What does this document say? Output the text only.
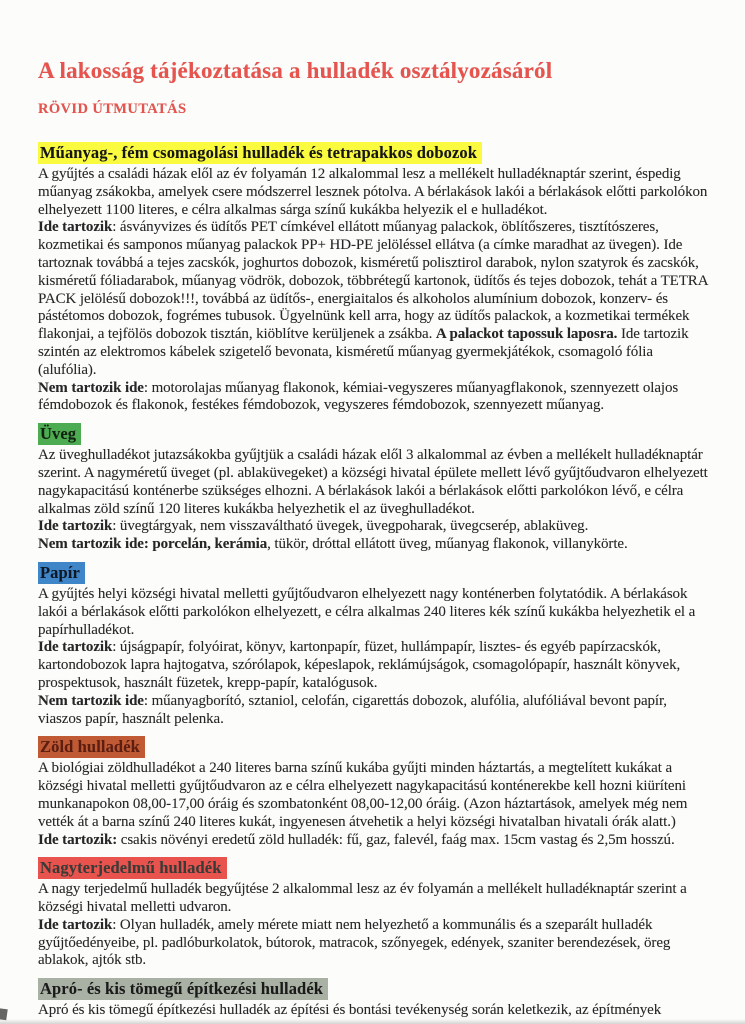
A lakosság tájékoztatása a hulladék osztályozásáról
RÖVID ÚTMUTATÁS
Műanyag-, fém csomagolási hulladék és tetrapakkos dobozok

A gyűjtés a családi házak elől az év folyamán 12 alkalommal lesz a mellékelt hulladéknaptár szerint, éspedig műanyag zsákokba, amelyek csere módszerrel lesznek pótolva. A bérlakások lakói a bérlakások előtti parkolókon elhelyezett 1100 literes, e célra alkalmas sárga színű kukákba helyezik el e hulladékot.

Ide tartozik: ásványvizes és üdítős PET címkével ellátott műanyag palackok, öblítőszeres, tisztítószeres, kozmetikai és samponos műanyag palackok PP+ HD-PE jelöléssel ellátva (a címke maradhat az üvegen). Ide tartoznak továbbá a tejes zacskók, joghurtos dobozok, kisméretű polisztirol darabok, nylon szatyrok és zacskók, kisméretű fóliadarabok, műanyag vödrök, dobozok, többrétegű kartonok, üdítős és tejes dobozok, tehát a TETRA PACK jelölésű dobozok!!!, továbbá az üdítős-, energiaitalos és alkoholos alumínium dobozok, konzerv- és pástétomos dobozok, fogrémes tubusok. Ügyelnünk kell arra, hogy az üdítős palackok, a kozmetikai termékek flakonjai, a tejfölös dobozok tisztán, kiöblítve kerüljenek a zsákba. A palackot tapossuk laposra. Ide tartozik szintén az elektromos kábelek szigetelő bevonata, kisméretű műanyag gyermekjátékok, csomagoló fólia (alufólia).

Nem tartozik ide: motorolajas műanyag flakonok, kémiai-vegyszeres műanyagflakonok, szennyezett olajos fémdobozok és flakonok, festékes fémdobozok, vegyszeres fémdobozok, szennyezett műanyag.

Üveg

Az üveghulladékot jutazsákokba gyűjtjük a családi házak elől 3 alkalommal az évben a mellékelt hulladéknaptár szerint. A nagyméretű üveget (pl. ablaküvegeket) a községi hivatal épülete mellett lévő gyűjtőudvaron elhelyezett nagykapacitású konténerbe szükséges elhozni. A bérlakások lakói a bérlakások előtti parkolókon lévő, e célra alkalmas zöld színű 120 literes kukákba helyezhetik el az üveghulladékot.

Ide tartozik: üvegtárgyak, nem visszaváltható üvegek, üvegpoharak, üvegcserép, ablaküveg.

Nem tartozik ide: porcelán, kerámia, tükör, dróttal ellátott üveg, műanyag flakonok, villanykörte.

Papír

A gyűjtés helyi községi hivatal melletti gyűjtőudvaron elhelyezett nagy konténerben folytatódik. A bérlakások lakói a bérlakások előtti parkolókon elhelyezett, e célra alkalmas 240 literes kék színű kukákba helyezhetik el a papírhulladékot.

Ide tartozik: újságpapír, folyóirat, könyv, kartonpapír, füzet, hullámpapír, lisztes- és egyéb papírzacskók, kartondobozok lapra hajtogatva, szórólapok, képeslapok, reklámújságok, csomagolópapír, használt könyvek, prospektusok, használt füzetek, krepp-papír, katalógusok.

Nem tartozik ide: műanyagborító, sztaniol, celofán, cigarettás dobozok, alufólia, alufóliával bevont papír, viaszos papír, használt pelenka.

Zöld hulladék

A biológiai zöldhulladékot a 240 literes barna színű kukába gyűjti minden háztartás, a megtelített kukákat a községi hivatal melletti gyűjtőudvaron az e célra elhelyezett nagykapacitású konténerekbe kell hozni kiüríteni munkanapokon 08,00-17,00 óráig és szombatonként 08,00-12,00 óráig. (Azon háztartások, amelyek még nem vették át a barna színű 240 literes kukát, ingyenesen átvehetik a helyi községi hivatalban hivatali órák alatt.)

Ide tartozik: csakis növényi eredetű zöld hulladék: fű, gaz, falevél, faág max. 15cm vastag és 2,5m hosszú.

Nagyterjedelmű hulladék

A nagy terjedelmű hulladék begyűjtése 2 alkalommal lesz az év folyamán a mellékelt hulladéknaptár szerint a községi hivatal melletti udvaron.

Ide tartozik: Olyan hulladék, amely mérete miatt nem helyezhető a kommunális és a szeparált hulladék gyűjtőedényeibe, pl. padlóburkolatok, bútorok, matracok, szőnyegek, edények, szaniter berendezések, öreg ablakok, ajtók stb.

Apró- és kis tömegű építkezési hulladék

Apró és kis tömegű építkezési hulladék az építési és bontási tevékenység során keletkezik, az építmények
